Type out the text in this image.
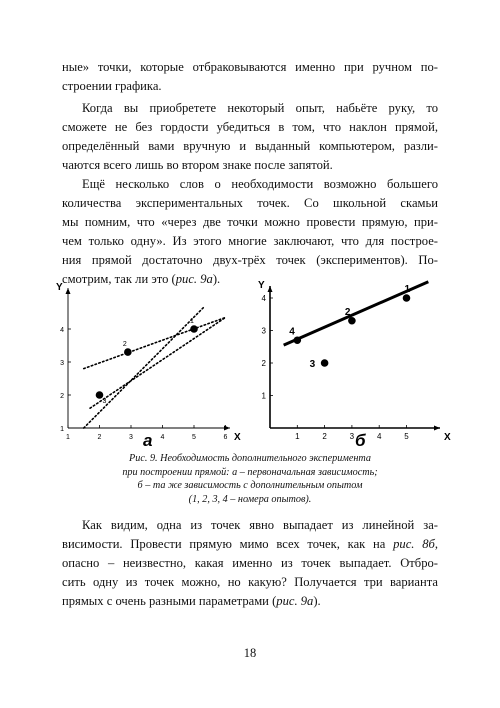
ные» точки, которые отбраковываются именно при ручном по-
строении графика.
Когда вы приобретете некоторый опыт, набьёте руку, то
сможете не без гордости убедиться в том, что наклон прямой,
определённый вами вручную и выданный компьютером, разли-
чаются всего лишь во втором знаке после запятой.
Ещё несколько слов о необходимости возможно большего
количества экспериментальных точек. Со школьной скамьи
мы помним, что «через две точки можно провести прямую, при-
чем только одну». Из этого многие заключают, что для построе-
ния прямой достаточно двух-трёх точек (экспериментов). По-
смотрим, так ли это (рис. 9а).
X
Y
1	2	3	4	5	6
1
2
3
4
1
2
3
а	X
Y
1	2	3	4	5
1
2
3
4
1
2
3
4
б
Рис. 9. Необходимость дополнительного эксперимента
при построении прямой: а – первоначальная зависимость;
б – та же зависимость с дополнительным опытом
(1, 2, 3, 4 – номера опытов).
Как видим, одна из точек явно выпадает из линейной за-
висимости. Провести прямую мимо всех точек, как на рис. 8б,
опасно – неизвестно, какая именно из точек выпадает. Отбро-
сить одну из точек можно, но какую? Получается три варианта
прямых с очень разными параметрами (рис. 9а).
18
